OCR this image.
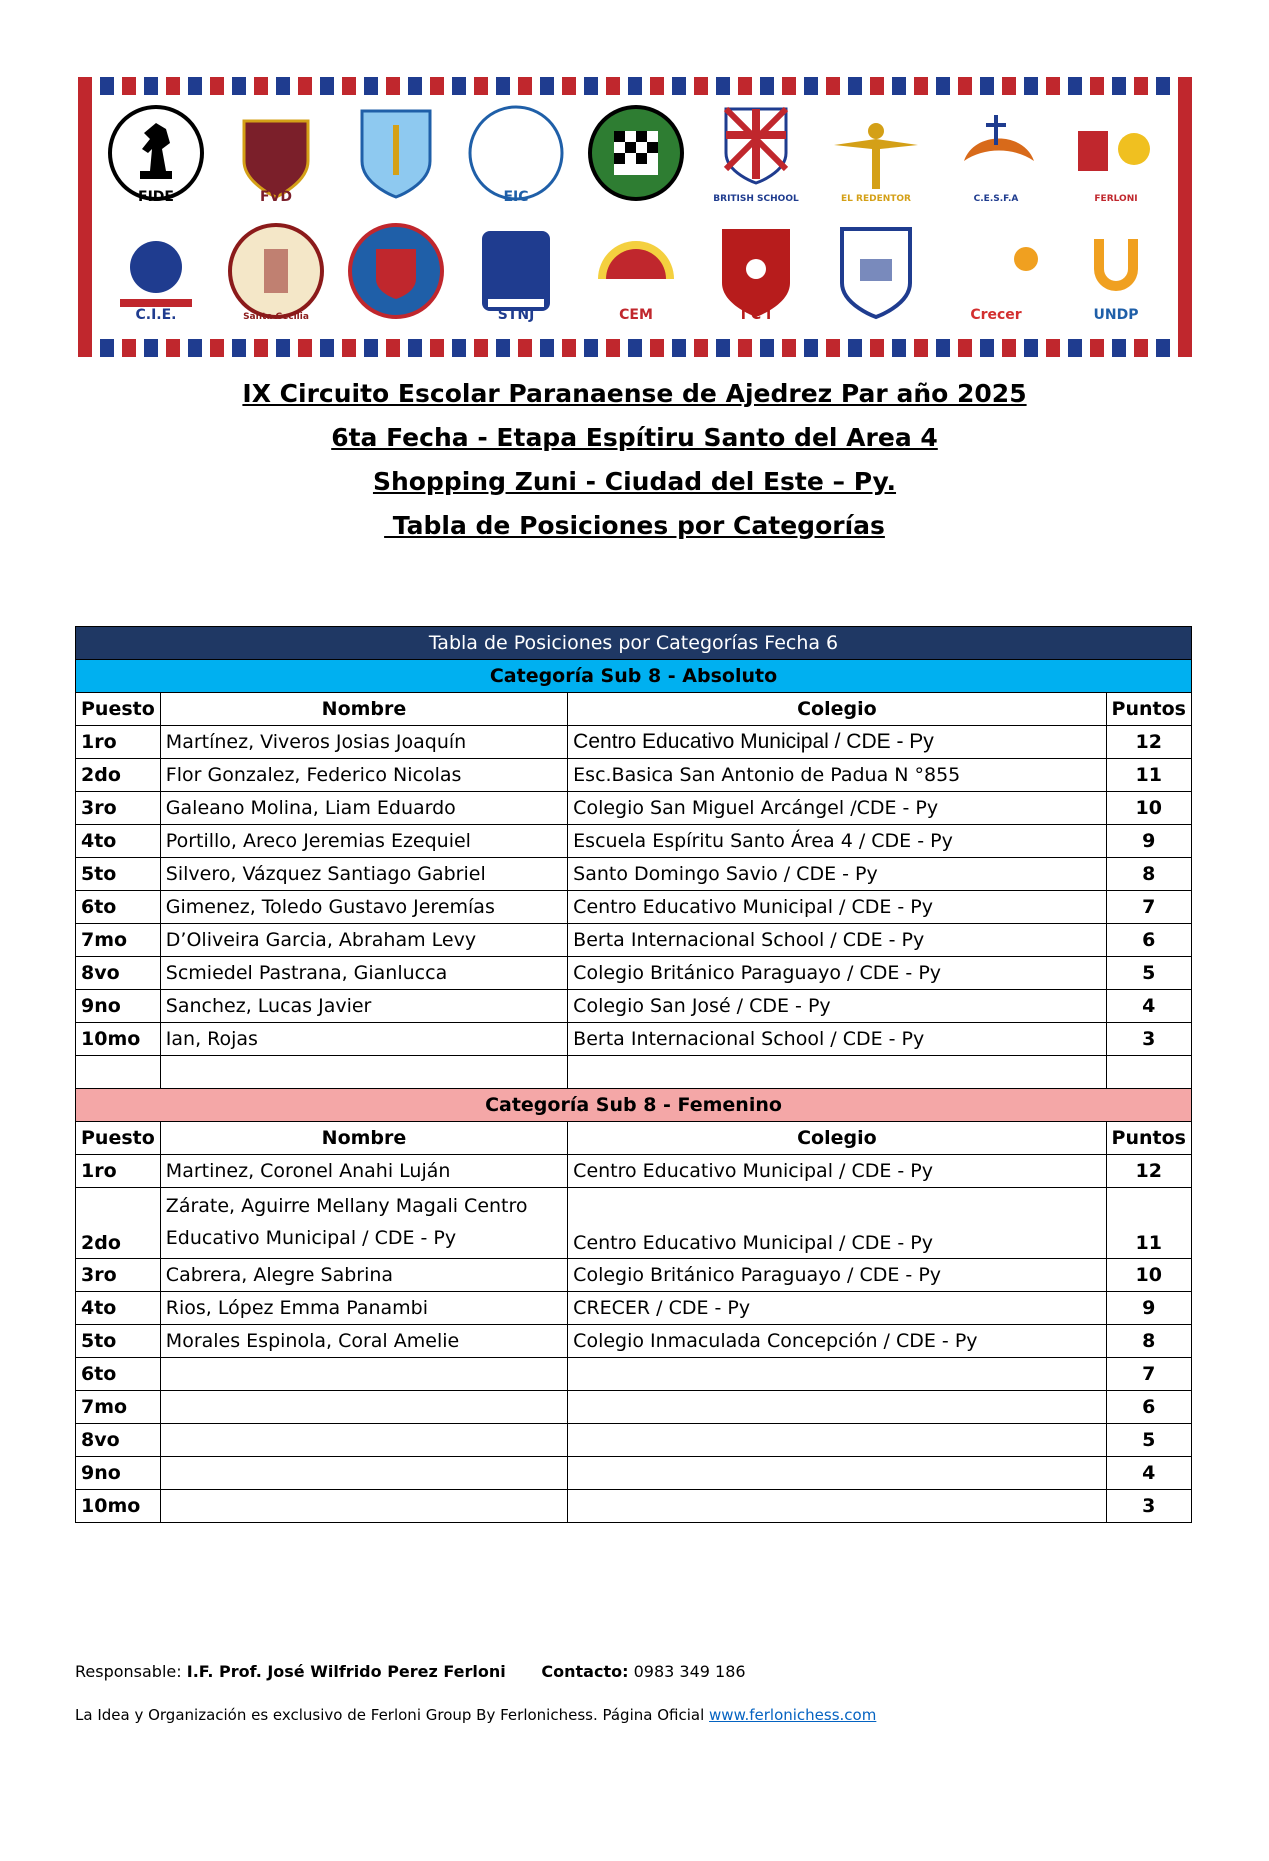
FIDE	FVD	EIC	BRITISH SCHOOL	EL REDENTOR	C.E.S.F.A	FERLONI
C.I.E.	Santa Cecilia	STNJ	CEM	I C I	Crecer	UNDP
IX Circuito Escolar Paranaense de Ajedrez Par año 2025
6ta Fecha - Etapa Espítiru Santo del Area 4
Shopping Zuni - Ciudad del Este – Py.
Tabla de Posiciones por Categorías
Tabla de Posiciones por Categorías Fecha 6			
Categoría Sub 8 - Absoluto			
Puesto	Nombre	Colegio	Puntos
1ro	Martínez, Viveros Josias Joaquín	Centro Educativo Municipal / CDE - Py	12
2do	Flor Gonzalez, Federico Nicolas	Esc.Basica San Antonio de Padua N °855	11
3ro	Galeano Molina, Liam Eduardo	Colegio San Miguel Arcángel /CDE - Py	10
4to	Portillo, Areco Jeremias Ezequiel	Escuela Espíritu Santo Área 4 / CDE - Py	9
5to	Silvero, Vázquez Santiago Gabriel	Santo Domingo Savio / CDE - Py	8
6to	Gimenez, Toledo Gustavo Jeremías	Centro Educativo Municipal / CDE - Py	7
7mo	D’Oliveira Garcia, Abraham Levy	Berta Internacional School / CDE - Py	6
8vo	Scmiedel Pastrana, Gianlucca	Colegio Británico Paraguayo / CDE - Py	5
9no	Sanchez, Lucas Javier	Colegio San José / CDE - Py	4
10mo	Ian, Rojas	Berta Internacional School / CDE - Py	3

Categoría Sub 8 - Femenino			
Puesto	Nombre	Colegio	Puntos
1ro	Martinez, Coronel Anahi Luján	Centro Educativo Municipal / CDE - Py	12
2do	Zárate, Aguirre Mellany Magali Centro Educativo Municipal / CDE - Py	Centro Educativo Municipal / CDE - Py	11
3ro	Cabrera, Alegre Sabrina	Colegio Británico Paraguayo / CDE - Py	10
4to	Rios, López Emma Panambi	CRECER / CDE - Py	9
5to	Morales Espinola, Coral Amelie	Colegio Inmaculada Concepción / CDE - Py	8
6to			7
7mo			6
8vo			5
9no			4
10mo			3
Responsable: I.F. Prof. José Wilfrido Perez Ferloni Contacto: 0983 349 186
La Idea y Organización es exclusivo de Ferloni Group By Ferlonichess. Página Oficial www.ferlonichess.com
